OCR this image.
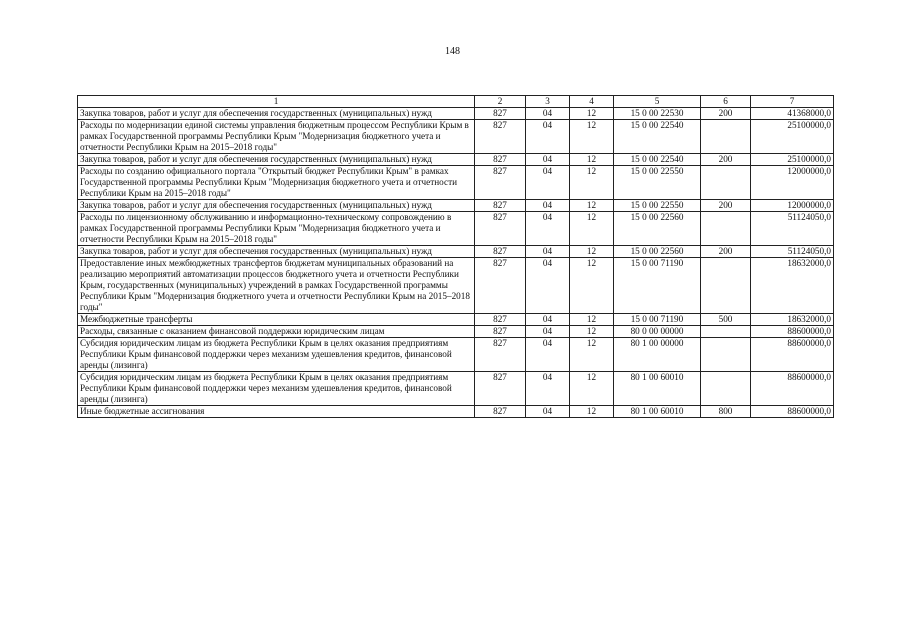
148
1	2	3	4	5	6	7
Закупка товаров, работ и услуг для обеспечения государственных (муниципальных) нужд	827	04	12	15 0 00 22530	200	41368000,0
Расходы по модернизации единой системы управления бюджетным процессом Республики Крым в рамках Государственной программы Республики Крым "Модернизация бюджетного учета и отчетности Республики Крым на 2015–2018 годы"	827	04	12	15 0 00 22540		25100000,0
Закупка товаров, работ и услуг для обеспечения государственных (муниципальных) нужд	827	04	12	15 0 00 22540	200	25100000,0
Расходы по созданию официального портала "Открытый бюджет Республики Крым" в рамках Государственной программы Республики Крым "Модернизация бюджетного учета и отчетности Республики Крым на 2015–2018 годы"	827	04	12	15 0 00 22550		12000000,0
Закупка товаров, работ и услуг для обеспечения государственных (муниципальных) нужд	827	04	12	15 0 00 22550	200	12000000,0
Расходы по лицензионному обслуживанию и информационно-техническому сопровождению в рамках Государственной программы Республики Крым "Модернизация бюджетного учета и отчетности Республики Крым на 2015–2018 годы"	827	04	12	15 0 00 22560		51124050,0
Закупка товаров, работ и услуг для обеспечения государственных (муниципальных) нужд	827	04	12	15 0 00 22560	200	51124050,0
Предоставление иных межбюджетных трансфертов бюджетам муниципальных образований на реализацию мероприятий автоматизации процессов бюджетного учета и отчетности Республики Крым, государственных (муниципальных) учреждений в рамках Государственной программы Республики Крым "Модернизация бюджетного учета и отчетности Республики Крым на 2015–2018 годы"	827	04	12	15 0 00 71190		18632000,0
Межбюджетные трансферты	827	04	12	15 0 00 71190	500	18632000,0
Расходы, связанные с оказанием финансовой поддержки юридическим лицам	827	04	12	80 0 00 00000		88600000,0
Субсидия юридическим лицам из бюджета Республики Крым в целях оказания предприятиям Республики Крым финансовой поддержки через механизм удешевления кредитов, финансовой аренды (лизинга)	827	04	12	80 1 00 00000		88600000,0
Субсидия юридическим лицам из бюджета Республики Крым в целях оказания предприятиям Республики Крым финансовой поддержки через механизм удешевления кредитов, финансовой аренды (лизинга)	827	04	12	80 1 00 60010		88600000,0
Иные бюджетные ассигнования	827	04	12	80 1 00 60010	800	88600000,0
